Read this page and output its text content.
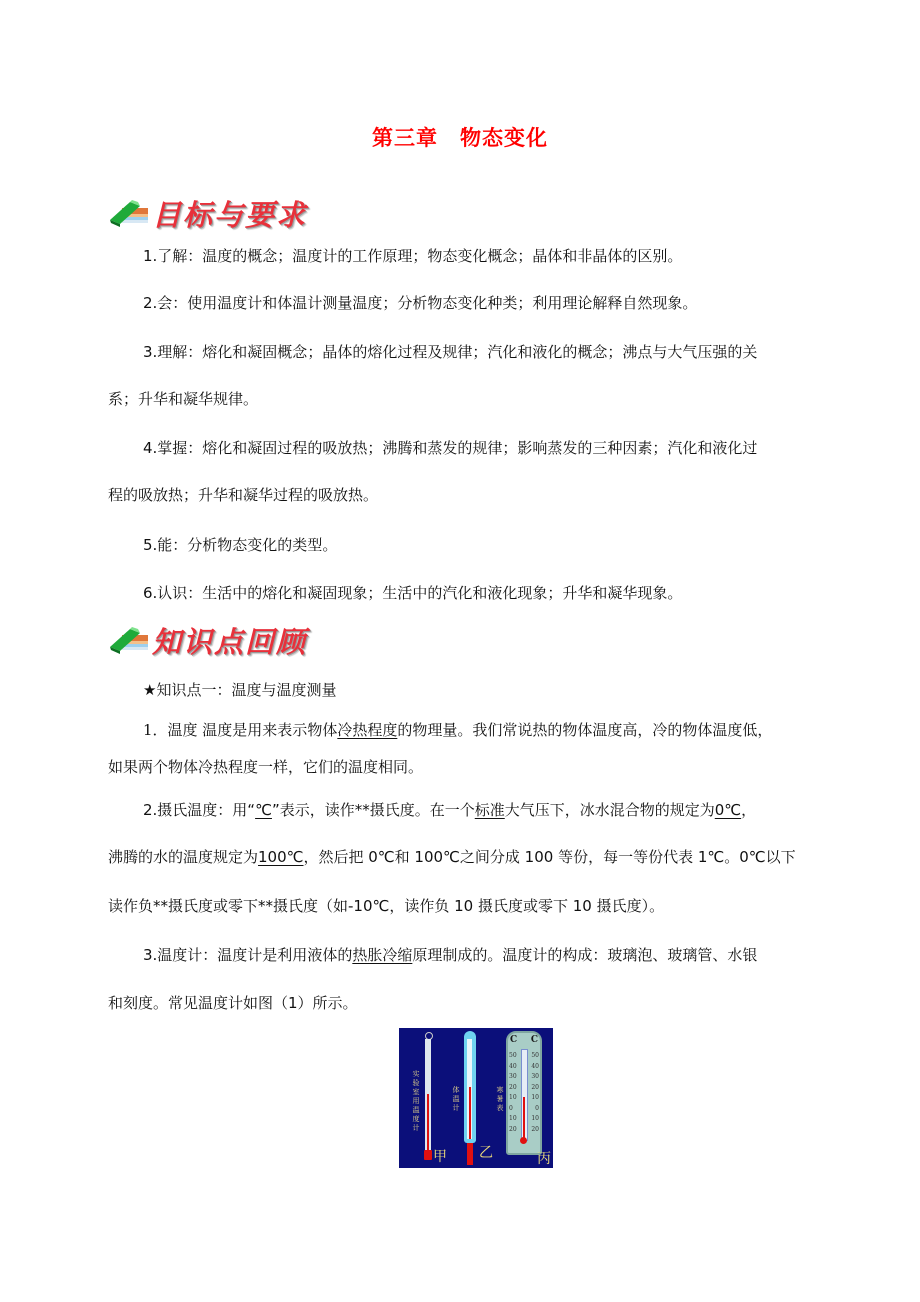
第三章 物态变化
目标与要求
1.了解：温度的概念；温度计的工作原理；物态变化概念；晶体和非晶体的区别。
2.会：使用温度计和体温计测量温度；分析物态变化种类；利用理论解释自然现象。
3.理解：熔化和凝固概念；晶体的熔化过程及规律；汽化和液化的概念；沸点与大气压强的关
系；升华和凝华规律。
4.掌握：熔化和凝固过程的吸放热；沸腾和蒸发的规律；影响蒸发的三种因素；汽化和液化过
程的吸放热；升华和凝华过程的吸放热。
5.能：分析物态变化的类型。
6.认识：生活中的熔化和凝固现象；生活中的汽化和液化现象；升华和凝华现象。
知识点回顾
★知识点一：温度与温度测量
1．温度 温度是用来表示物体冷热程度的物理量。我们常说热的物体温度高，冷的物体温度低，
如果两个物体冷热程度一样，它们的温度相同。
2.摄氏温度：用“℃”表示，读作**摄氏度。在一个标准大气压下，冰水混合物的规定为0℃，
沸腾的水的温度规定为100℃，然后把 0℃和 100℃之间分成 100 等份，每一等份代表 1℃。0℃以下
读作负**摄氏度或零下**摄氏度（如-10℃，读作负 10 摄氏度或零下 10 摄氏度）。
3.温度计：温度计是利用液体的热胀冷缩原理制成的。温度计的构成：玻璃泡、玻璃管、水银
和刻度。常见温度计如图（1）所示。
实验室用温度计
甲
体温计
乙
C C
50
40
30
20
10
0
10
20
50
40
30
20
10
0
10
20
寒暑表
丙
